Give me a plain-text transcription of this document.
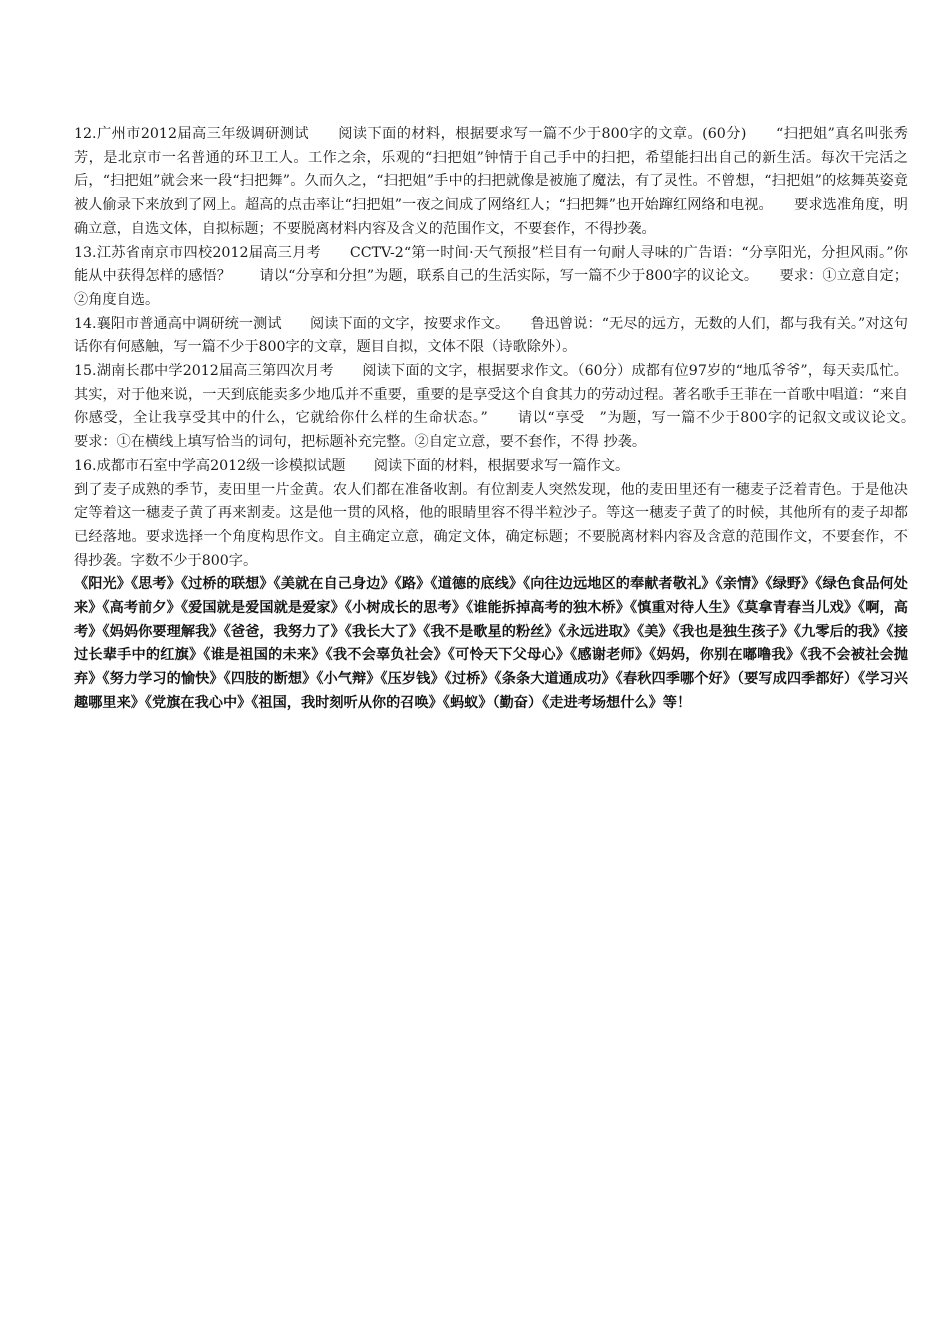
12.广州市2012届高三年级调研测试　　阅读下面的材料，根据要求写一篇不少于800字的文章。(60分)　　“扫把姐”真名叫张秀芳，是北京市一名普通的环卫工人。工作之余，乐观的“扫把姐”钟情于自己手中的扫把，希望能扫出自己的新生活。每次干完活之后，“扫把姐”就会来一段“扫把舞”。久而久之，“扫把姐”手中的扫把就像是被施了魔法，有了灵性。不曾想，“扫把姐”的炫舞英姿竟被人偷录下来放到了网上。超高的点击率让“扫把姐”一夜之间成了网络红人；“扫把舞”也开始蹿红网络和电视。　　要求选准角度，明确立意，自选文体，自拟标题；不要脱离材料内容及含义的范围作文，不要套作，不得抄袭。

13.江苏省南京市四校2012届高三月考　　CCTV-2“第一时间·天气预报”栏目有一句耐人寻味的广告语：“分享阳光，分担风雨。”你能从中获得怎样的感悟？　　请以“分享和分担”为题，联系自己的生活实际，写一篇不少于800字的议论文。　　要求：①立意自定；②角度自选。

14.襄阳市普通高中调研统一测试　　阅读下面的文字，按要求作文。　　鲁迅曾说：“无尽的远方，无数的人们，都与我有关。”对这句话你有何感触，写一篇不少于800字的文章，题目自拟，文体不限（诗歌除外）。

15.湖南长郡中学2012届高三第四次月考　　阅读下面的文字，根据要求作文。（60分）成都有位97岁的“地瓜爷爷”，每天卖瓜忙。其实，对于他来说，一天到底能卖多少地瓜并不重要，重要的是享受这个自食其力的劳动过程。著名歌手王菲在一首歌中唱道：“来自你感受，全让我享受其中的什么，它就给你什么样的生命状态。”　　请以“享受　”为题，写一篇不少于800字的记叙文或议论文。　　要求：①在横线上填写恰当的词句，把标题补充完整。②自定立意，要不套作，不得 抄袭。

16.成都市石室中学高2012级一诊模拟试题　　阅读下面的材料，根据要求写一篇作文。

到了麦子成熟的季节，麦田里一片金黄。农人们都在准备收割。有位割麦人突然发现，他的麦田里还有一穗麦子泛着青色。于是他决定等着这一穗麦子黄了再来割麦。这是他一贯的风格，他的眼睛里容不得半粒沙子。等这一穗麦子黄了的时候，其他所有的麦子却都已经落地。要求选择一个角度构思作文。自主确定立意，确定文体，确定标题；不要脱离材料内容及含意的范围作文，不要套作，不得抄袭。字数不少于800字。

《阳光》《思考》《过桥的联想》《美就在自己身边》《路》《道德的底线》《向往边远地区的奉献者敬礼》《亲情》《绿野》《绿色食品何处来》《高考前夕》《爱国就是爱国就是爱家》《小树成长的思考》《谁能拆掉高考的独木桥》《慎重对待人生》《莫拿青春当儿戏》《啊，高考》《妈妈你要理解我》《爸爸，我努力了》《我长大了》《我不是歌星的粉丝》《永远进取》《美》《我也是独生孩子》《九零后的我》《接过长辈手中的红旗》《谁是祖国的未来》《我不会辜负社会》《可怜天下父母心》《感谢老师》《妈妈，你别在嘟噜我》《我不会被社会抛弃》《努力学习的愉快》《四肢的断想》《小气辩》《压岁钱》《过桥》《条条大道通成功》《春秋四季哪个好》（要写成四季都好）《学习兴趣哪里来》《党旗在我心中》《祖国，我时刻听从你的召唤》《蚂蚁》（勤奋）《走进考场想什么》等！
